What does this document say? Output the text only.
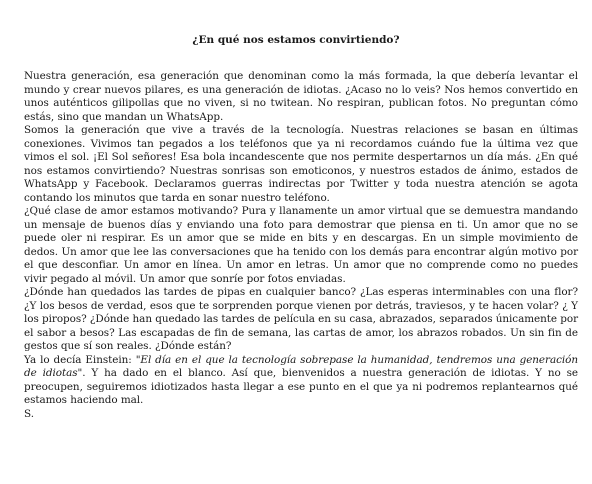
¿En qué nos estamos convirtiendo?

Nuestra generación, esa generación que denominan como la más formada, la que debería levantar el mundo y crear nuevos pilares, es una generación de idiotas. ¿Acaso no lo veis? Nos hemos convertido en unos auténticos gilipollas que no viven, si no twitean. No respiran, publican fotos. No preguntan cómo estás, sino que mandan un WhatsApp.

Somos la generación que vive a través de la tecnología. Nuestras relaciones se basan en últimas conexiones. Vivimos tan pegados a los teléfonos que ya ni recordamos cuándo fue la última vez que vimos el sol. ¡El Sol señores! Esa bola incandescente que nos permite despertarnos un día más. ¿En qué nos estamos convirtiendo? Nuestras sonrisas son emoticonos, y nuestros estados de ánimo, estados de WhatsApp y Facebook. Declaramos guerras indirectas por Twitter y toda nuestra atención se agota contando los minutos que tarda en sonar nuestro teléfono.

¿Qué clase de amor estamos motivando? Pura y llanamente un amor virtual que se demuestra mandando un mensaje de buenos días y enviando una foto para demostrar que piensa en ti. Un amor que no se puede oler ni respirar. Es un amor que se mide en bits y en descargas. En un simple movimiento de dedos. Un amor que lee las conversaciones que ha tenido con los demás para encontrar algún motivo por el que desconfiar. Un amor en línea. Un amor en letras. Un amor que no comprende como no puedes vivir pegado al móvil. Un amor que sonríe por fotos enviadas.

¿Dónde han quedados las tardes de pipas en cualquier banco? ¿Las esperas interminables con una flor? ¿Y los besos de verdad, esos que te sorprenden porque vienen por detrás, traviesos, y te hacen volar? ¿ Y los piropos? ¿Dónde han quedado las tardes de película en su casa, abrazados, separados únicamente por el sabor a besos? Las escapadas de fin de semana, las cartas de amor, los abrazos robados. Un sin fin de gestos que sí son reales. ¿Dónde están?

Ya lo decía Einstein: "El día en el que la tecnología sobrepase la humanidad, tendremos una generación de idiotas". Y ha dado en el blanco. Así que, bienvenidos a nuestra generación de idiotas. Y no se preocupen, seguiremos idiotizados hasta llegar a ese punto en el que ya ni podremos replantearnos qué estamos haciendo mal.

S.
